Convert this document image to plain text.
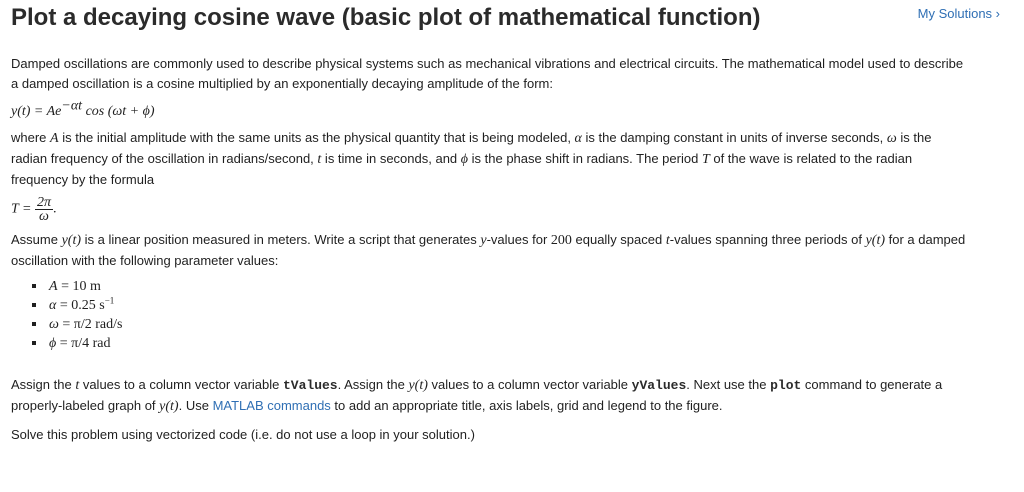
Plot a decaying cosine wave (basic plot of mathematical function)	My Solutions ›

Damped oscillations are commonly used to describe physical systems such as mechanical vibrations and electrical circuits. The mathematical model used to describe a damped oscillation is a cosine multiplied by an exponentially decaying amplitude of the form:

$y(t) = Ae^{-\alpha t}$ cos (ωt + ϕ)

where A is the initial amplitude with the same units as the physical quantity that is being modeled, α is the damping constant in units of inverse seconds, ω is the radian frequency of the oscillation in radians/second, t is time in seconds, and ϕ is the phase shift in radians. The period T of the wave is related to the radian frequency by the formula

$T = \frac{2\pi}{\omega}$ .

Assume y(t) is a linear position measured in meters. Write a script that generates y-values for 200 equally spaced t-values spanning three periods of y(t) for a damped oscillation with the following parameter values:

A = 10 m
α = 0.25 $s^{-1}$
ω = π/2 rad/s
ϕ = π/4 rad

Assign the t values to a column vector variable tValues. Assign the y(t) values to a column vector variable yValues. Next use the plot command to generate a properly-labeled graph of y(t). Use MATLAB commands to add an appropriate title, axis labels, grid and legend to the figure.

Solve this problem using vectorized code (i.e. do not use a loop in your solution.)
